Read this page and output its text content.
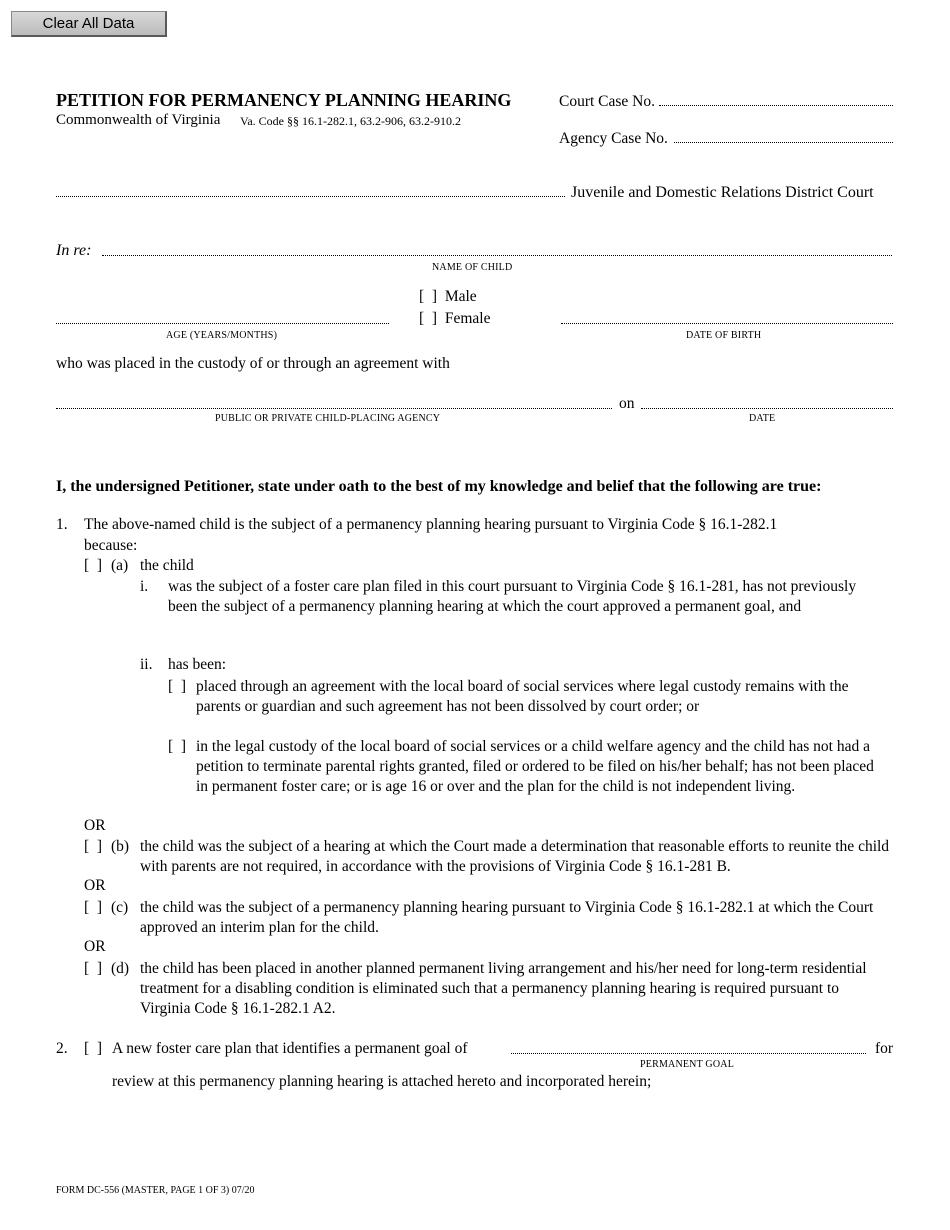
Clear All Data
PETITION FOR PERMANENCY PLANNING HEARING
Commonwealth of Virginia Va. Code §§ 16.1-282.1, 63.2-906, 63.2-910.2
Court Case No.
Agency Case No.
Juvenile and Domestic Relations District Court
In re:
NAME OF CHILD
[  ] Male
[  ] Female
AGE (YEARS/MONTHS)	DATE OF BIRTH
who was placed in the custody of or through an agreement with
on
PUBLIC OR PRIVATE CHILD-PLACING AGENCY	DATE
I, the undersigned Petitioner, state under oath to the best of my knowledge and belief that the following are true:
1. The above-named child is the subject of a permanency planning hearing pursuant to Virginia Code § 16.1-282.1
because:
[  ] (a) the child
i. was the subject of a foster care plan filed in this court pursuant to Virginia Code § 16.1-281, has not previously been the subject of a permanency planning hearing at which the court approved a permanent goal, and
ii. has been:
[  ] placed through an agreement with the local board of social services where legal custody remains with the parents or guardian and such agreement has not been dissolved by court order; or
[  ] in the legal custody of the local board of social services or a child welfare agency and the child has not had a petition to terminate parental rights granted, filed or ordered to be filed on his/her behalf; has not been placed in permanent foster care; or is age 16 or over and the plan for the child is not independent living.
OR
[  ] (b) the child was the subject of a hearing at which the Court made a determination that reasonable efforts to reunite the child with parents are not required, in accordance with the provisions of Virginia Code § 16.1-281 B.
OR
[  ] (c) the child was the subject of a permanency planning hearing pursuant to Virginia Code § 16.1-282.1 at which the Court approved an interim plan for the child.
OR
[  ] (d) the child has been placed in another planned permanent living arrangement and his/her need for long-term residential treatment for a disabling condition is eliminated such that a permanency planning hearing is required pursuant to Virginia Code § 16.1-282.1 A2.
2. [  ] A new foster care plan that identifies a permanent goal of	for
PERMANENT GOAL
review at this permanency planning hearing is attached hereto and incorporated herein;
FORM DC-556 (MASTER, PAGE 1 OF 3) 07/20
